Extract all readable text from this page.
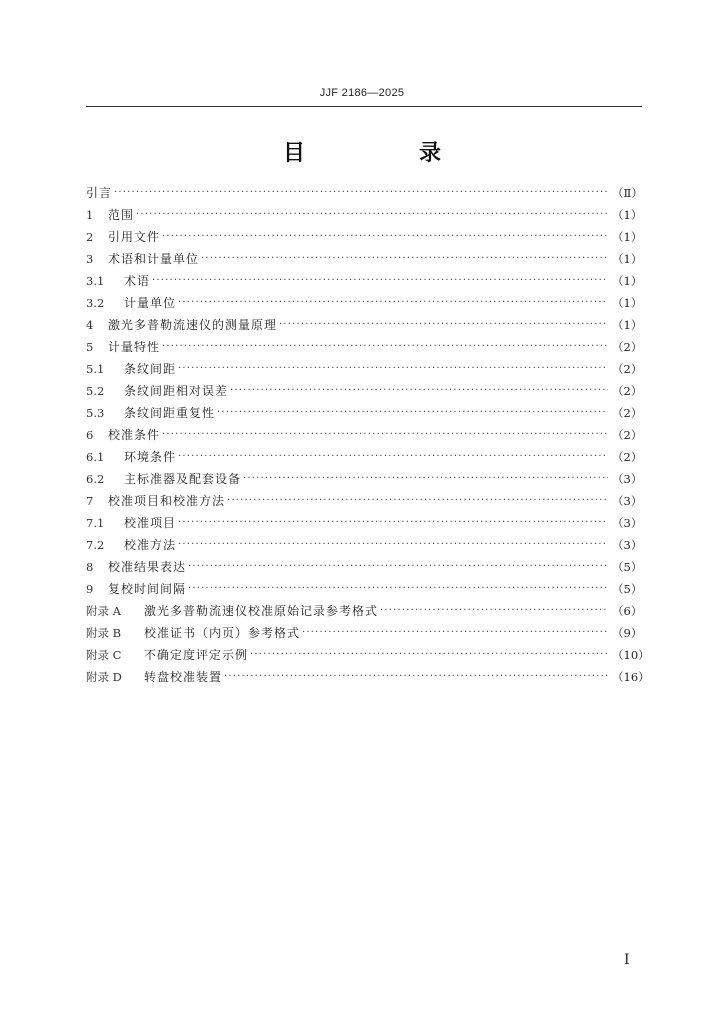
JJF 2186—2025
目　录
引言 ·····	（Ⅱ）
1	范围 ·····	（1）
2	引用文件 ·····	（1）
3	术语和计量单位 ·····	（1）
3.1	术语 ·····	（1）
3.2	计量单位 ·····	（1）
4	激光多普勒流速仪的测量原理 ·····	（1）
5	计量特性 ·····	（2）
5.1	条纹间距 ·····	（2）
5.2	条纹间距相对误差 ·····	（2）
5.3	条纹间距重复性 ·····	（2）
6	校准条件 ·····	（2）
6.1	环境条件 ·····	（2）
6.2	主标准器及配套设备 ·····	（3）
7	校准项目和校准方法 ·····	（3）
7.1	校准项目 ·····	（3）
7.2	校准方法 ·····	（3）
8	校准结果表达 ·····	（5）
9	复校时间间隔 ·····	（5）
附录 A	激光多普勒流速仪校准原始记录参考格式 ·····	（6）
附录 B	校准证书（内页）参考格式 ·····	（9）
附录 C	不确定度评定示例 ·····	（10）
附录 D	转盘校准装置 ·····	（16）
Ⅰ
